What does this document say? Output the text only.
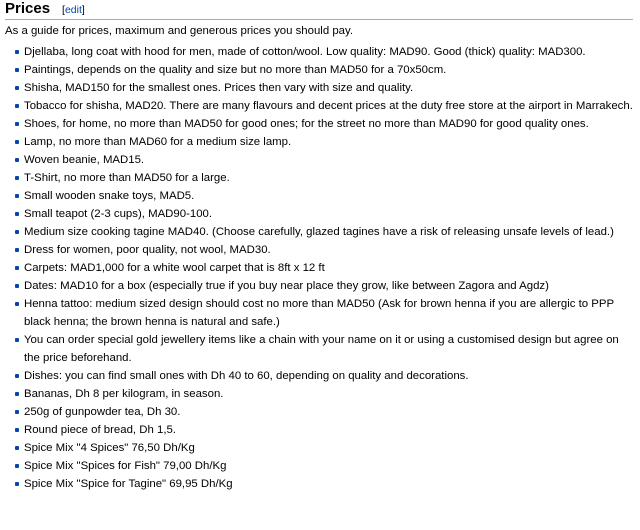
Prices [edit]
As a guide for prices, maximum and generous prices you should pay.
Djellaba, long coat with hood for men, made of cotton/wool. Low quality: MAD90. Good (thick) quality: MAD300.
Paintings, depends on the quality and size but no more than MAD50 for a 70x50cm.
Shisha, MAD150 for the smallest ones. Prices then vary with size and quality.
Tobacco for shisha, MAD20. There are many flavours and decent prices at the duty free store at the airport in Marrakech.
Shoes, for home, no more than MAD50 for good ones; for the street no more than MAD90 for good quality ones.
Lamp, no more than MAD60 for a medium size lamp.
Woven beanie, MAD15.
T-Shirt, no more than MAD50 for a large.
Small wooden snake toys, MAD5.
Small teapot (2-3 cups), MAD90-100.
Medium size cooking tagine MAD40. (Choose carefully, glazed tagines have a risk of releasing unsafe levels of lead.)
Dress for women, poor quality, not wool, MAD30.
Carpets: MAD1,000 for a white wool carpet that is 8ft x 12 ft
Dates: MAD10 for a box (especially true if you buy near place they grow, like between Zagora and Agdz)
Henna tattoo: medium sized design should cost no more than MAD50 (Ask for brown henna if you are allergic to PPP black henna; the brown henna is natural and safe.)
You can order special gold jewellery items like a chain with your name on it or using a customised design but agree on the price beforehand.
Dishes: you can find small ones with Dh 40 to 60, depending on quality and decorations.
Bananas, Dh 8 per kilogram, in season.
250g of gunpowder tea, Dh 30.
Round piece of bread, Dh 1,5.
Spice Mix "4 Spices" 76,50 Dh/Kg
Spice Mix "Spices for Fish" 79,00 Dh/Kg
Spice Mix "Spice for Tagine" 69,95 Dh/Kg
